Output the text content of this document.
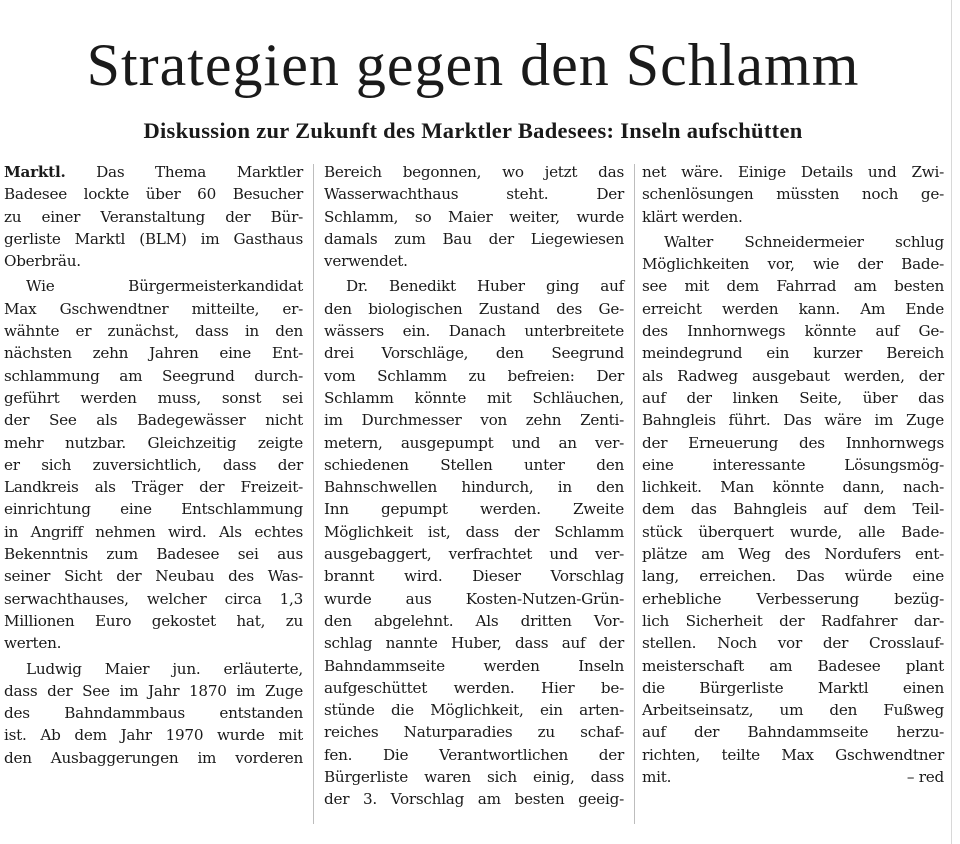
Strategien gegen den Schlamm
Diskussion zur Zukunft des Marktler Badesees: Inseln aufschütten
Marktl. Das Thema Marktler
Badesee lockte über 60 Besucher
zu einer Veranstaltung der Bür-
gerliste Marktl (BLM) im Gasthaus
Oberbräu.
Wie Bürgermeisterkandidat
Max Gschwendtner mitteilte, er-
wähnte er zunächst, dass in den
nächsten zehn Jahren eine Ent-
schlammung am Seegrund durch-
geführt werden muss, sonst sei
der See als Badegewässer nicht
mehr nutzbar. Gleichzeitig zeigte
er sich zuversichtlich, dass der
Landkreis als Träger der Freizeit-
einrichtung eine Entschlammung
in Angriff nehmen wird. Als echtes
Bekenntnis zum Badesee sei aus
seiner Sicht der Neubau des Was-
serwachthauses, welcher circa 1,3
Millionen Euro gekostet hat, zu
werten.
Ludwig Maier jun. erläuterte,
dass der See im Jahr 1870 im Zuge
des Bahndammbaus entstanden
ist. Ab dem Jahr 1970 wurde mit
den Ausbaggerungen im vorderen
Bereich begonnen, wo jetzt das
Wasserwachthaus steht. Der
Schlamm, so Maier weiter, wurde
damals zum Bau der Liegewiesen
verwendet.
Dr. Benedikt Huber ging auf
den biologischen Zustand des Ge-
wässers ein. Danach unterbreitete
drei Vorschläge, den Seegrund
vom Schlamm zu befreien: Der
Schlamm könnte mit Schläuchen,
im Durchmesser von zehn Zenti-
metern, ausgepumpt und an ver-
schiedenen Stellen unter den
Bahnschwellen hindurch, in den
Inn gepumpt werden. Zweite
Möglichkeit ist, dass der Schlamm
ausgebaggert, verfrachtet und ver-
brannt wird. Dieser Vorschlag
wurde aus Kosten-Nutzen-Grün-
den abgelehnt. Als dritten Vor-
schlag nannte Huber, dass auf der
Bahndammseite werden Inseln
aufgeschüttet werden. Hier be-
stünde die Möglichkeit, ein arten-
reiches Naturparadies zu schaf-
fen. Die Verantwortlichen der
Bürgerliste waren sich einig, dass
der 3. Vorschlag am besten geeig-
net wäre. Einige Details und Zwi-
schenlösungen müssten noch ge-
klärt werden.
Walter Schneidermeier schlug
Möglichkeiten vor, wie der Bade-
see mit dem Fahrrad am besten
erreicht werden kann. Am Ende
des Innhornwegs könnte auf Ge-
meindegrund ein kurzer Bereich
als Radweg ausgebaut werden, der
auf der linken Seite, über das
Bahngleis führt. Das wäre im Zuge
der Erneuerung des Innhornwegs
eine interessante Lösungsmög-
lichkeit. Man könnte dann, nach-
dem das Bahngleis auf dem Teil-
stück überquert wurde, alle Bade-
plätze am Weg des Nordufers ent-
lang, erreichen. Das würde eine
erhebliche Verbesserung bezüg-
lich Sicherheit der Radfahrer dar-
stellen. Noch vor der Crosslauf-
meisterschaft am Badesee plant
die Bürgerliste Marktl einen
Arbeitseinsatz, um den Fußweg
auf der Bahndammseite herzu-
richten, teilte Max Gschwendtner
mit.	– red
